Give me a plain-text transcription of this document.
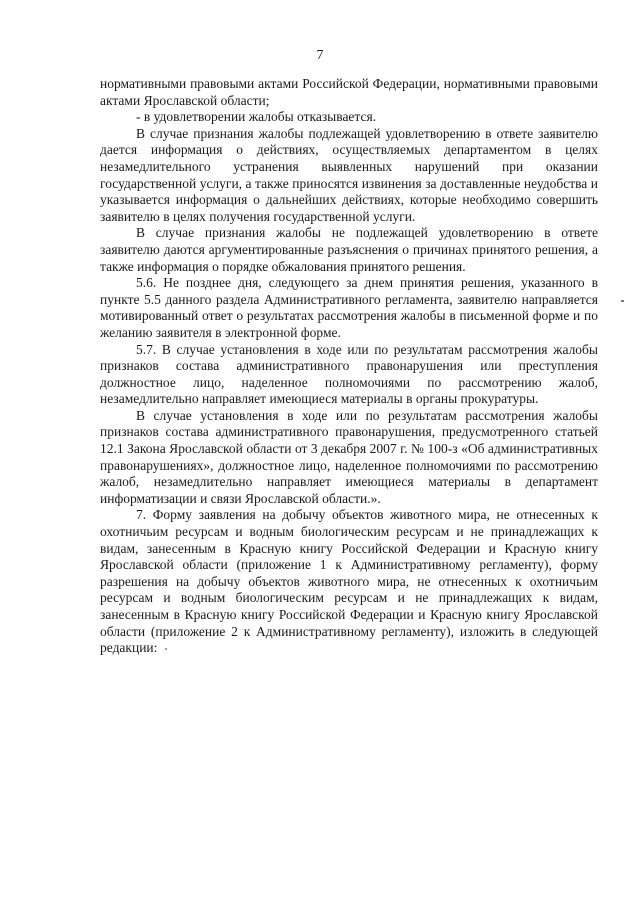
7

нормативными правовыми актами Российской Федерации, нормативными правовыми актами Ярославской области;

- в удовлетворении жалобы отказывается.

В случае признания жалобы подлежащей удовлетворению в ответе заявителю дается информация о действиях, осуществляемых департаментом в целях незамедлительного устранения выявленных нарушений при оказании государственной услуги, а также приносятся извинения за доставленные неудобства и указывается информация о дальнейших действиях, которые необходимо совершить заявителю в целях получения государственной услуги.

В случае признания жалобы не подлежащей удовлетворению в ответе заявителю даются аргументированные разъяснения о причинах принятого решения, а также информация о порядке обжалования принятого решения.

5.6. Не позднее дня, следующего за днем принятия решения, указанного в пункте 5.5 данного раздела Административного регламента, заявителю направляется мотивированный ответ о результатах рассмотрения жалобы в письменной форме и по желанию заявителя в электронной форме.

5.7. В случае установления в ходе или по результатам рассмотрения жалобы признаков состава административного правонарушения или преступления должностное лицо, наделенное полномочиями по рассмотрению жалоб, незамедлительно направляет имеющиеся материалы в органы прокуратуры.

В случае установления в ходе или по результатам рассмотрения жалобы признаков состава административного правонарушения, предусмотренного статьей 12.1 Закона Ярославской области от 3 декабря 2007 г. № 100-з «Об административных правонарушениях», должностное лицо, наделенное полномочиями по рассмотрению жалоб, незамедлительно направляет имеющиеся материалы в департамент информатизации и связи Ярославской области.».

7. Форму заявления на добычу объектов животного мира, не отнесенных к охотничьим ресурсам и водным биологическим ресурсам и не принадлежащих к видам, занесенным в Красную книгу Российской Федерации и Красную книгу Ярославской области (приложение 1 к Административному регламенту), форму разрешения на добычу объектов животного мира, не отнесенных к охотничьим ресурсам и водным биологическим ресурсам и не принадлежащих к видам, занесенным в Красную книгу Российской Федерации и Красную книгу Ярославской области (приложение 2 к Административному регламенту), изложить в следующей редакции:
